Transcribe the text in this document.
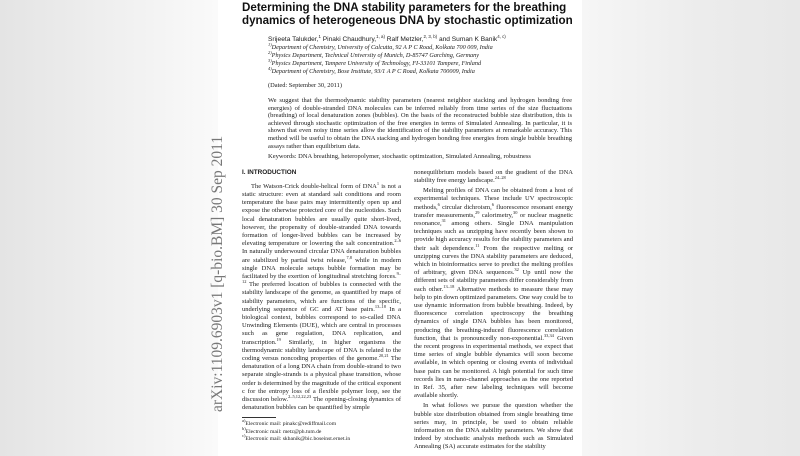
arXiv:1109.6903v1 [q-bio.BM] 30 Sep 2011
Determining the DNA stability parameters for the breathing dynamics of heterogeneous DNA by stochastic optimization
Srijeeta Talukder,$^1$ Pinaki Chaudhury,$^{1, a)}$ Ralf Metzler,$^{2, 3, b)}$ and Suman K Banik$^{4, c)}$
$^{1)}$Department of Chemistry, University of Calcutta, 92 A P C Road, Kolkata 700 009, India
$^{2)}$Physics Department, Technical University of Munich, D-85747 Garching, Germany
$^{3)}$Physics Department, Tampere University of Technology, FI-33101 Tampere, Finland
$^{4)}$Department of Chemistry, Bose Institute, 93/1 A P C Road, Kolkata 700009, India
(Dated: September 30, 2011)
We suggest that the thermodynamic stability parameters (nearest neighbor stacking and hydrogen bonding free energies) of double-stranded DNA molecules can be inferred reliably from time series of the size fluctuations (breathing) of local denaturation zones (bubbles). On the basis of the reconstructed bubble size distribution, this is achieved through stochastic optimization of the free energies in terms of Simulated Annealing. In particular, it is shown that even noisy time series allow the identification of the stability parameters at remarkable accuracy. This method will be useful to obtain the DNA stacking and hydrogen bonding free energies from single bubble breathing assays rather than equilibrium data.
Keywords: DNA breathing, heteropolymer, stochastic optimization, Simulated Annealing, robustness
I. INTRODUCTION

The Watson-Crick double-helical form of DNA$^1$ is not a static structure: even at standard salt conditions and room temperature the base pairs may intermittently open up and expose the otherwise protected core of the nucleotides. Such local denaturation bubbles are usually quite short-lived, however, the propensity of double-stranded DNA towards formation of longer-lived bubbles can be increased by elevating temperature or lowering the salt concentration.$^{2-6}$ In naturally underwound circular DNA denaturation bubbles are stabilized by partial twist release,$^{7,8}$ while in modern single DNA molecule setups bubble formation may be facilitated by the exertion of longitudinal stretching forces.$^{9-12}$ The preferred location of bubbles is connected with the stability landscape of the genome, as quantified by maps of stability parameters, which are functions of the specific, underlying sequence of GC and AT base pairs.$^{13-18}$ In a biological context, bubbles correspond to so-called DNA Unwinding Elements (DUE), which are central in processes such as gene regulation, DNA replication, and transcription.$^{19}$ Similarly, in higher organisms the thermodynamic stability landscape of DNA is related to the coding versus noncoding properties of the genome.$^{20,21}$ The denaturation of a long DNA chain from double-strand to two separate single-strands is a physical phase transition, whose order is determined by the magnitude of the critical exponent c for the entropy loss of a flexible polymer loop, see the discussion below.$^{2-5,12,22,23}$ The opening-closing dynamics of denaturation bubbles can be quantified by simple

$^{a)}$Electronic mail: pinakc@rediffmail.com
$^{b)}$Electronic mail: metz@ph.tum.de
$^{c)}$Electronic mail: skbanik@bic.boseinst.ernet.in

nonequilibrium models based on the gradient of the DNA stability free energy landscape.$^{24-28}$

Melting profiles of DNA can be obtained from a host of experimental techniques. These include UV spectroscopic methods,$^6$ circular dichroism,$^6$ fluorescence resonant energy transfer measurements,$^{29}$ calorimetry,$^{30}$ or nuclear magnetic resonance,$^{31}$ among others. Single DNA manipulation techniques such as unzipping have recently been shown to provide high accuracy results for the stability parameters and their salt dependence.$^{11}$ From the respective melting or unzipping curves the DNA stability parameters are deduced, which in bioinformatics serve to predict the melting profiles of arbitrary, given DNA sequences.$^{32}$ Up until now the different sets of stability parameters differ considerably from each other.$^{13-18}$ Alternative methods to measure these may help to pin down optimized parameters. One way could be to use dynamic information from bubble breathing. Indeed, by fluorescence correlation spectroscopy the breathing dynamics of single DNA bubbles has been monitored, producing the breathing-induced fluorescence correlation function, that is pronouncedly non-exponential.$^{33,34}$ Given the recent progress in experimental methods, we expect that time series of single bubble dynamics will soon become available, in which opening or closing events of individual base pairs can be monitored. A high potential for such time records lies in nano-channel approaches as the one reported in Ref. 35, after new labeling techniques will become available shortly.

In what follows we pursue the question whether the bubble size distribution obtained from single breathing time series may, in principle, be used to obtain reliable information on the DNA stability parameters. We show that indeed by stochastic analysis methods such as Simulated Annealing (SA) accurate estimates for the stability
